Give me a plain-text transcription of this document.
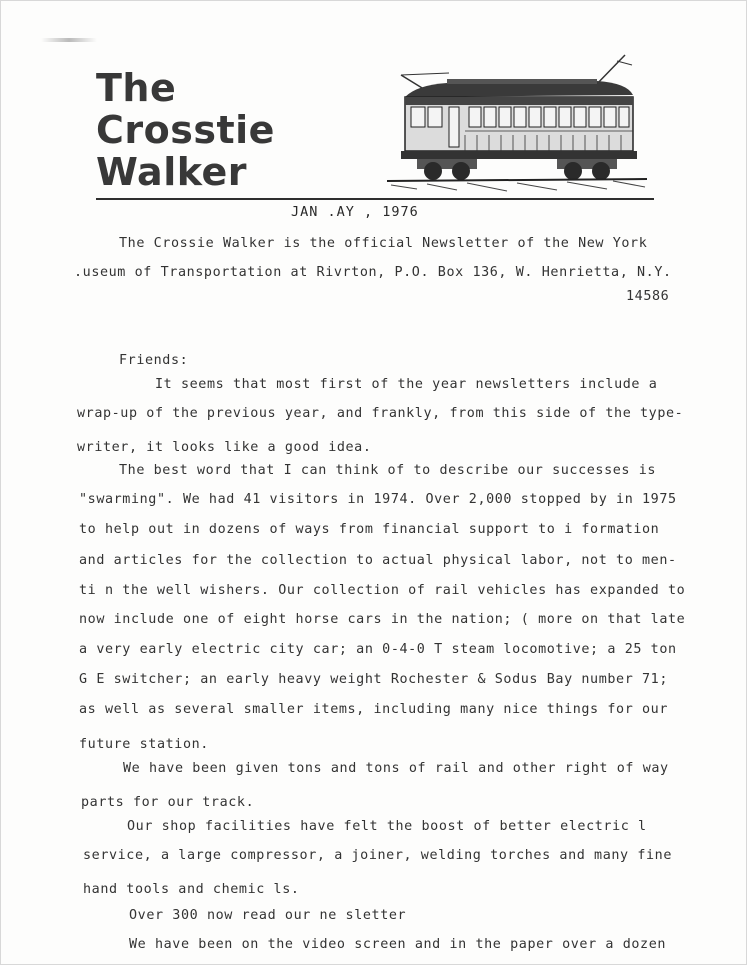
The
Crosstie
Walker
JAN .AY , 1976
The Crossie Walker is the official Newsletter of the New York
.useum of Transportation at Rivrton, P.O. Box 136, W. Henrietta, N.Y.
14586
Friends:
It seems that most first of the year newsletters include a
wrap-up of the previous year, and frankly, from this side of the type-
writer, it looks like a good idea.
The best word that I can think of to describe our successes is
"swarming". We had 41 visitors in 1974. Over 2,000 stopped by in 1975
to help out in dozens of ways from financial support to i formation
and articles for the collection to actual physical labor, not to men-
ti n the well wishers. Our collection of rail vehicles has expanded to
now include one of eight horse cars in the nation; ( more on that late
a very early electric city car; an 0-4-0 T steam locomotive; a 25 ton
G E switcher; an early heavy weight Rochester & Sodus Bay number 71;
as well as several smaller items, including many nice things for our
future station.
We have been given tons and tons of rail and other right of way
parts for our track.
Our shop facilities have felt the boost of better electric l
service, a large compressor, a joiner, welding torches and many fine
hand tools and chemic ls.
Over 300 now read our ne sletter
We have been on the video screen and in the paper over a dozen
